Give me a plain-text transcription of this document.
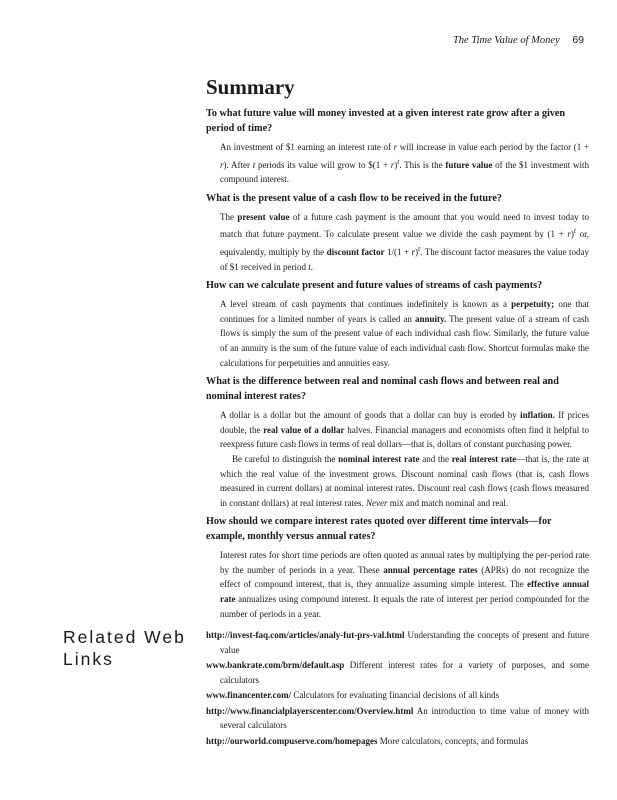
The Time Value of Money 69
Summary

To what future value will money invested at a given interest rate grow after a given period of time?

An investment of $1 earning an interest rate of r will increase in value each period by the factor (1 + r). After t periods its value will grow to $(1 + r)$^t$. This is the future value of the $1 investment with compound interest.

What is the present value of a cash flow to be received in the future?

The present value of a future cash payment is the amount that you would need to invest today to match that future payment. To calculate present value we divide the cash payment by $(1 + r)^t$ or, equivalently, multiply by the discount factor $1/(1 + r)^t$. The discount factor measures the value today of $1 received in period t.

How can we calculate present and future values of streams of cash payments?

A level stream of cash payments that continues indefinitely is known as a perpetuity; one that continues for a limited number of years is called an annuity. The present value of a stream of cash flows is simply the sum of the present value of each individual cash flow. Similarly, the future value of an annuity is the sum of the future value of each individual cash flow. Shortcut formulas make the calculations for perpetuities and annuities easy.

What is the difference between real and nominal cash flows and between real and nominal interest rates?

A dollar is a dollar but the amount of goods that a dollar can buy is eroded by inflation. If prices double, the real value of a dollar halves. Financial managers and economists often find it helpful to reexpress future cash flows in terms of real dollars—that is, dollars of constant purchasing power.

Be careful to distinguish the nominal interest rate and the real interest rate—that is, the rate at which the real value of the investment grows. Discount nominal cash flows (that is, cash flows measured in current dollars) at nominal interest rates. Discount real cash flows (cash flows measured in constant dollars) at real interest rates. Never mix and match nominal and real.

How should we compare interest rates quoted over different time intervals—for example, monthly versus annual rates?

Interest rates for short time periods are often quoted as annual rates by multiplying the per-period rate by the number of periods in a year. These annual percentage rates (APRs) do not recognize the effect of compound interest, that is, they annualize assuming simple interest. The effective annual rate annualizes using compound interest. It equals the rate of interest per period compounded for the number of periods in a year.

Related Web
Links
http://invest-faq.com/articles/analy-fut-prs-val.html Understanding the concepts of present and future value
www.bankrate.com/brm/default.asp Different interest rates for a variety of purposes, and some calculators
www.financenter.com/ Calculators for evaluating financial decisions of all kinds
http://www.financialplayerscenter.com/Overview.html An introduction to time value of money with several calculators
http://ourworld.compuserve.com/homepages More calculators, concepts, and formulas
